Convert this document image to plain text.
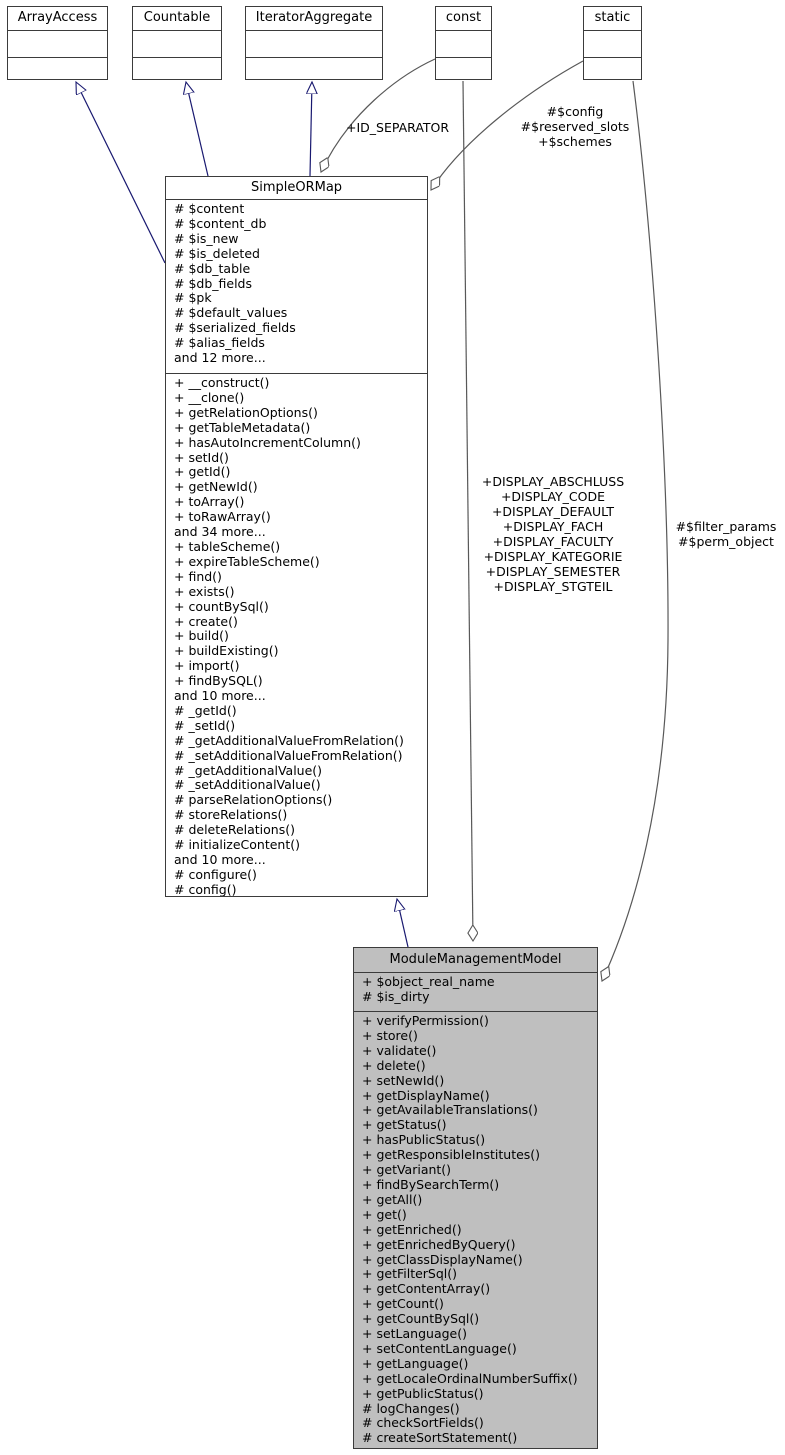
ArrayAccess	Countable	IteratorAggregate	const	static
SimpleORMap
# $content
# $content_db
# $is_new
# $is_deleted
# $db_table
# $db_fields
# $pk
# $default_values
# $serialized_fields
# $alias_fields
and 12 more...
+ __construct()
+ __clone()
+ getRelationOptions()
+ getTableMetadata()
+ hasAutoIncrementColumn()
+ setId()
+ getId()
+ getNewId()
+ toArray()
+ toRawArray()
and 34 more...
+ tableScheme()
+ expireTableScheme()
+ find()
+ exists()
+ countBySql()
+ create()
+ build()
+ buildExisting()
+ import()
+ findBySQL()
and 10 more...
# _getId()
# _setId()
# _getAdditionalValueFromRelation()
# _setAdditionalValueFromRelation()
# _getAdditionalValue()
# _setAdditionalValue()
# parseRelationOptions()
# storeRelations()
# deleteRelations()
# initializeContent()
and 10 more...
# configure()
# config()
ModuleManagementModel
+ $object_real_name
# $is_dirty
+ verifyPermission()
+ store()
+ validate()
+ delete()
+ setNewId()
+ getDisplayName()
+ getAvailableTranslations()
+ getStatus()
+ hasPublicStatus()
+ getResponsibleInstitutes()
+ getVariant()
+ findBySearchTerm()
+ getAll()
+ get()
+ getEnriched()
+ getEnrichedByQuery()
+ getClassDisplayName()
+ getFilterSql()
+ getContentArray()
+ getCount()
+ getCountBySql()
+ setLanguage()
+ setContentLanguage()
+ getLanguage()
+ getLocaleOrdinalNumberSuffix()
+ getPublicStatus()
# logChanges()
# checkSortFields()
# createSortStatement()
+ID_SEPARATOR
#$config
#$reserved_slots
+$schemes
+DISPLAY_ABSCHLUSS
+DISPLAY_CODE
+DISPLAY_DEFAULT
+DISPLAY_FACH
+DISPLAY_FACULTY
+DISPLAY_KATEGORIE
+DISPLAY_SEMESTER
+DISPLAY_STGTEIL
#$filter_params
#$perm_object
